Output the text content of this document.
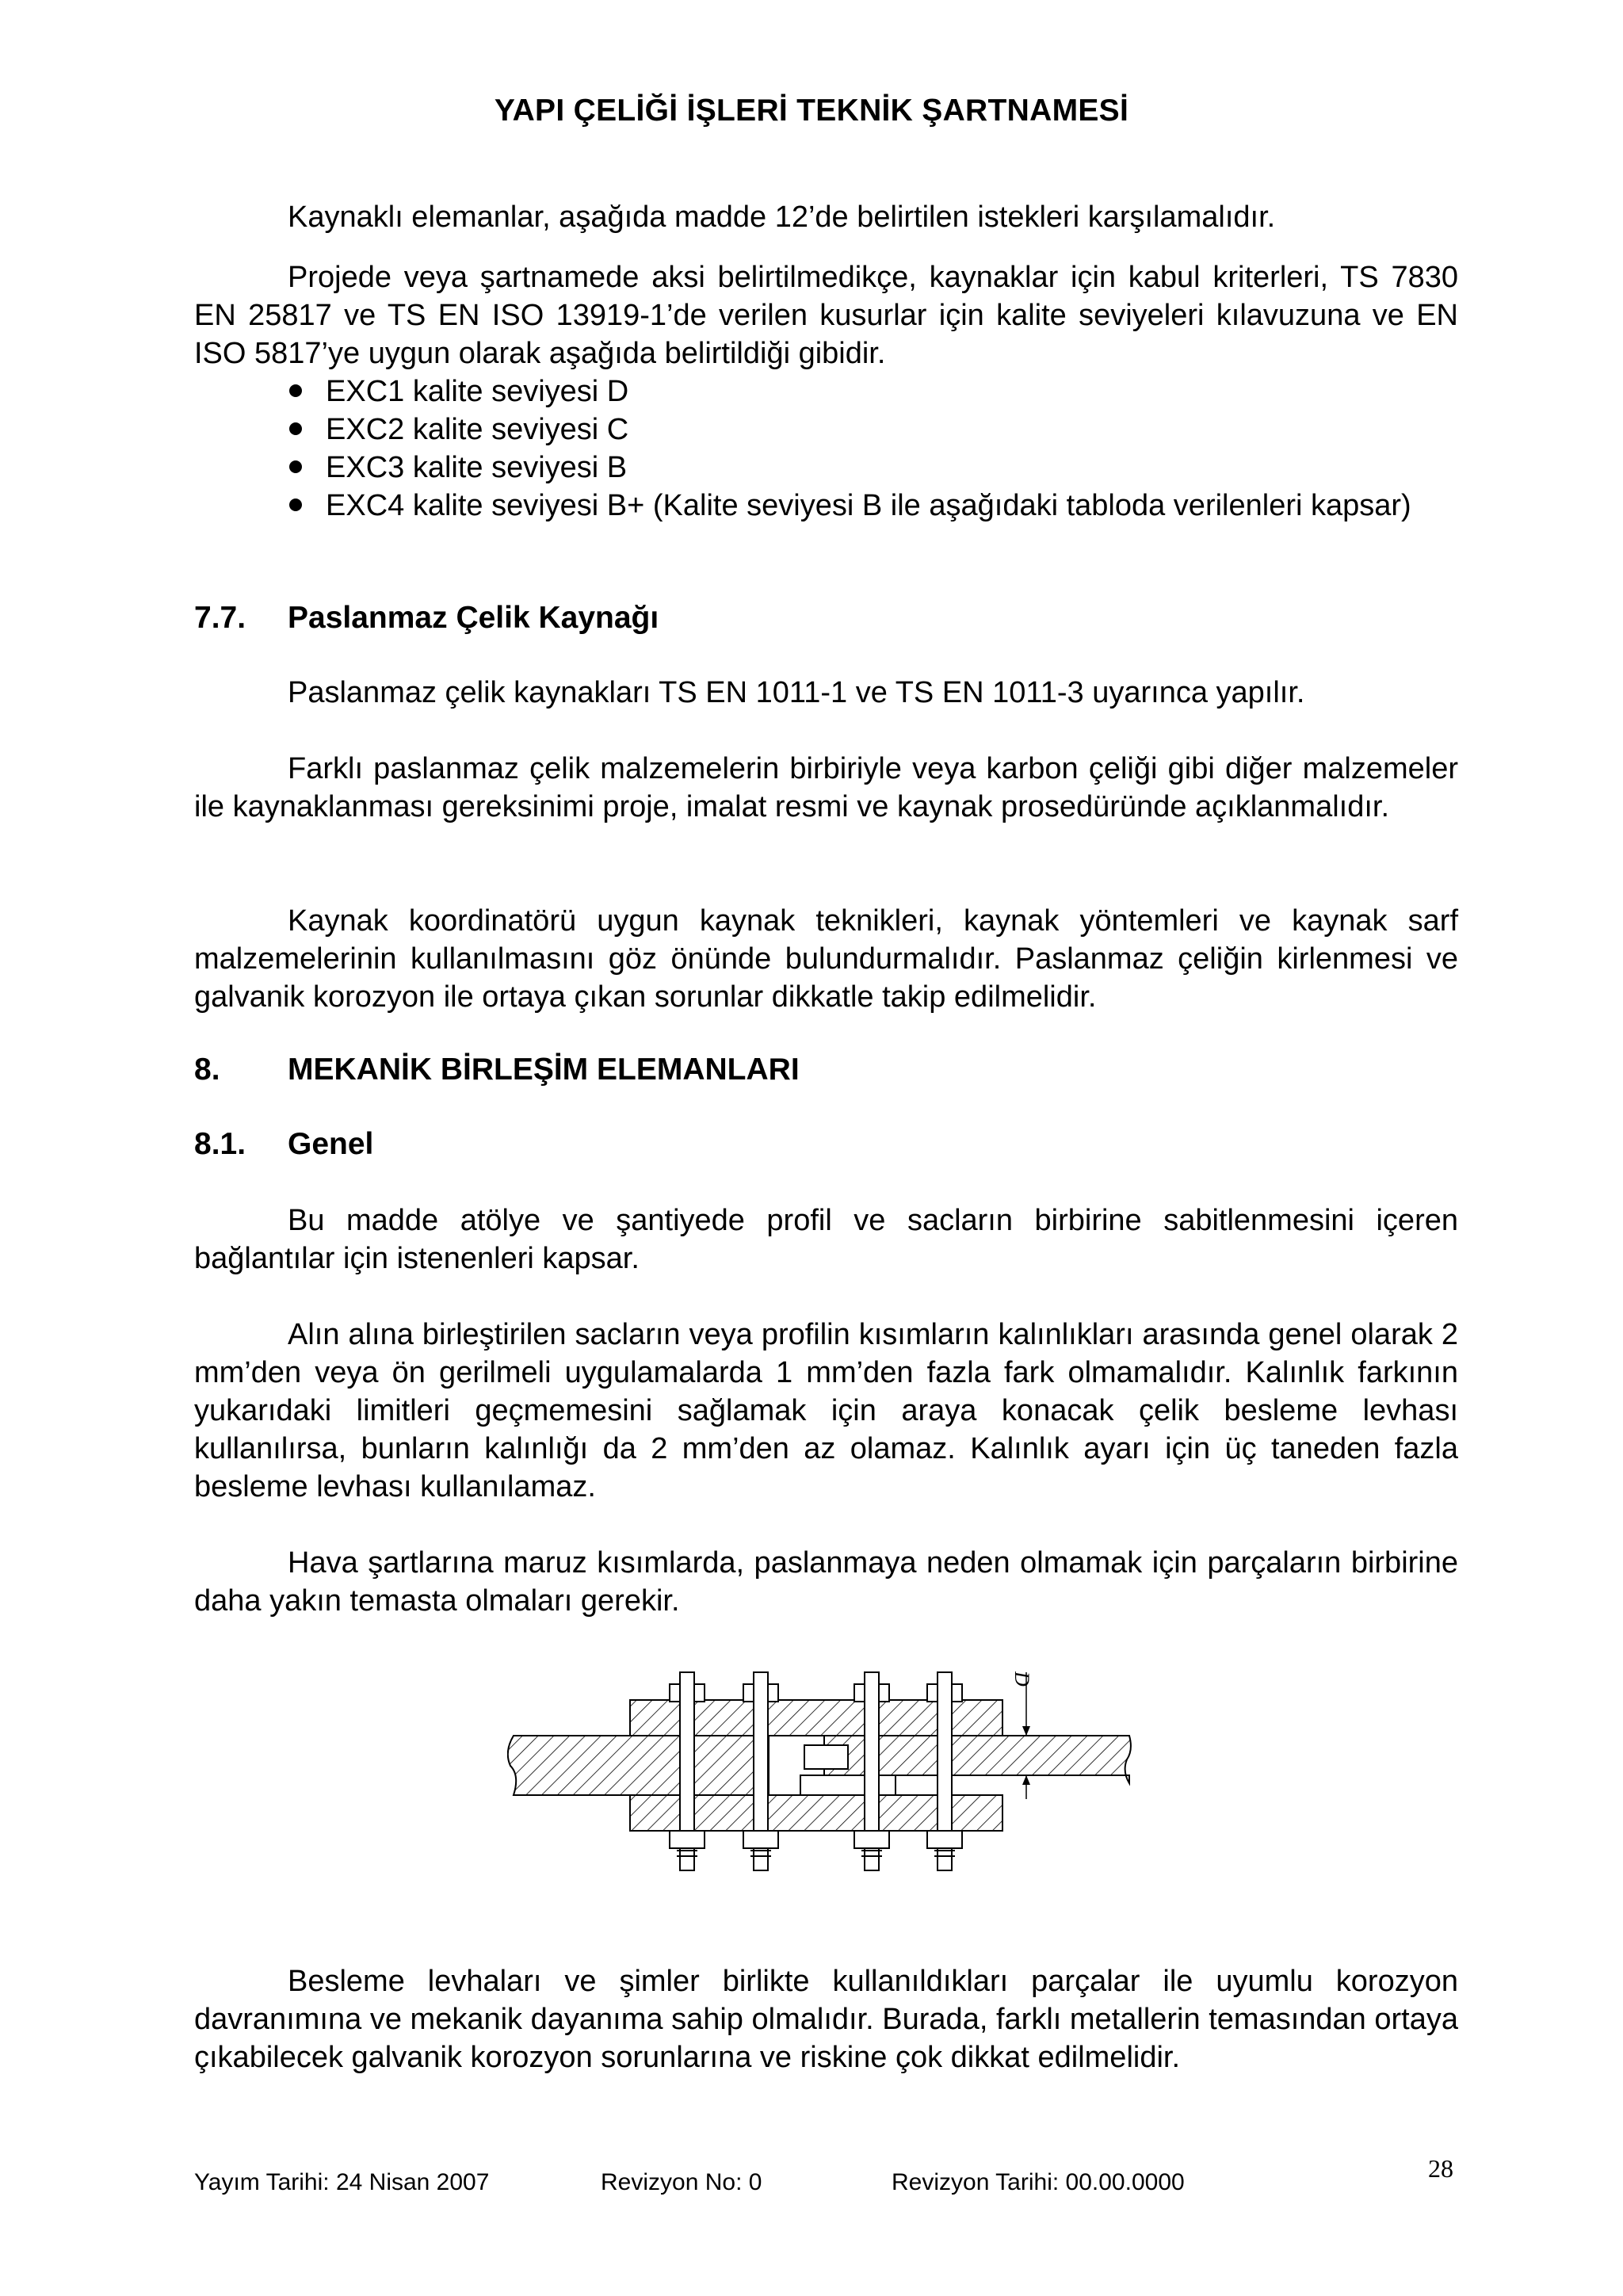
YAPI ÇELİĞİ İŞLERİ TEKNİK ŞARTNAMESİ
Kaynaklı elemanlar, aşağıda madde 12’de belirtilen istekleri karşılamalıdır.
Projede veya şartnamede aksi belirtilmedikçe, kaynaklar için kabul kriterleri, TS 7830 EN 25817 ve TS EN ISO 13919-1’de verilen kusurlar için kalite seviyeleri kılavuzuna ve EN ISO 5817’ye uygun olarak aşağıda belirtildiği gibidir.
EXC1 kalite seviyesi D
EXC2 kalite seviyesi C
EXC3 kalite seviyesi B
EXC4 kalite seviyesi B+ (Kalite seviyesi B ile aşağıdaki tabloda verilenleri kapsar)
7.7. Paslanmaz Çelik Kaynağı
Paslanmaz çelik kaynakları TS EN 1011-1 ve TS EN 1011-3 uyarınca yapılır.
Farklı paslanmaz çelik malzemelerin birbiriyle veya karbon çeliği gibi diğer malzemeler ile kaynaklanması gereksinimi proje, imalat resmi ve kaynak prosedüründe açıklanmalıdır.
Kaynak koordinatörü uygun kaynak teknikleri, kaynak yöntemleri ve kaynak sarf malzemelerinin kullanılmasını göz önünde bulundurmalıdır. Paslanmaz çeliğin kirlenmesi ve galvanik korozyon ile ortaya çıkan sorunlar dikkatle takip edilmelidir.
8. MEKANİK BİRLEŞİM ELEMANLARI
8.1. Genel
Bu madde atölye ve şantiyede profil ve sacların birbirine sabitlenmesini içeren bağlantılar için istenenleri kapsar.
Alın alına birleştirilen sacların veya profilin kısımların kalınlıkları arasında genel olarak 2 mm’den veya ön gerilmeli uygulamalarda 1 mm’den fazla fark olmamalıdır. Kalınlık farkının yukarıdaki limitleri geçmemesini sağlamak için araya konacak çelik besleme levhası kullanılırsa, bunların kalınlığı da 2 mm’den az olamaz. Kalınlık ayarı için üç taneden fazla besleme levhası kullanılamaz.
Hava şartlarına maruz kısımlarda, paslanmaya neden olmamak için parçaların birbirine daha yakın temasta olmaları gerekir.
D
Besleme levhaları ve şimler birlikte kullanıldıkları parçalar ile uyumlu korozyon davranımına ve mekanik dayanıma sahip olmalıdır. Burada, farklı metallerin temasından ortaya çıkabilecek galvanik korozyon sorunlarına ve riskine çok dikkat edilmelidir.
Yayım Tarihi: 24 Nisan 2007	Revizyon No: 0	Revizyon Tarihi: 00.00.0000	28
